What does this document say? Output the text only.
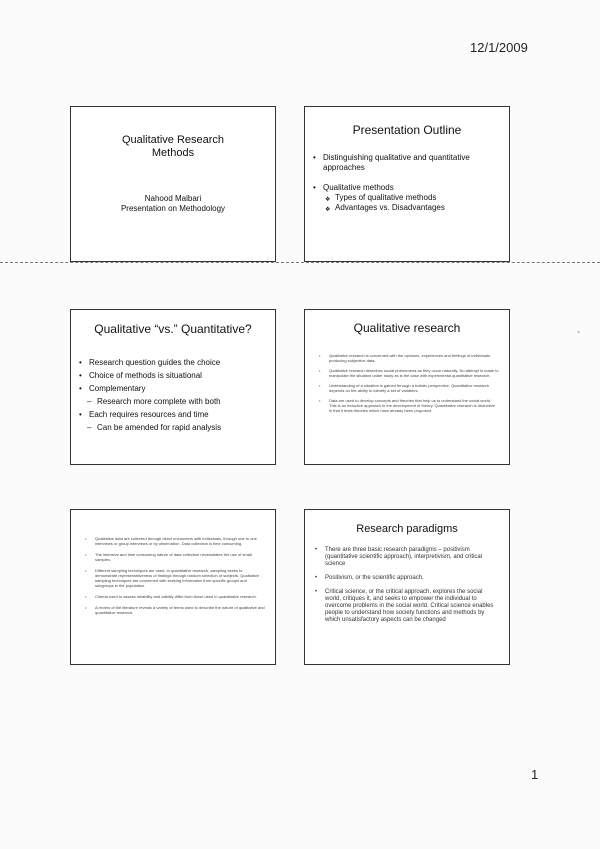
12/1/2009
Qualitative Research Methods
Nahood Malbari
Presentation on Methodology
Presentation Outline
• Distinguishing qualitative and quantitative approaches
• Qualitative methods
❖ Types of qualitative methods
❖ Advantages vs. Disadvantages
Qualitative “vs.” Quantitative?
• Research question guides the choice
• Choice of methods is situational
• Complementary
– Research more complete with both
• Each requires resources and time
– Can be amended for rapid analysis
Qualitative research
• Qualitative research is concerned with the opinions, experiences and feelings of individuals producing subjective data.
• Qualitative research describes social phenomena as they occur naturally. No attempt is made to manipulate the situation under study as is the case with experimental quantitative research.
• Understanding of a situation is gained through a holistic perspective. Quantitative research depends on the ability to identify a set of variables.
• Data are used to develop concepts and theories that help us to understand the social world. This is an inductive approach to the development of theory. Quantitative research is deductive in that it tests theories which have already been proposed.
• Qualitative data are collected through direct encounters with individuals, through one to one interviews or group interviews or by observation. Data collection is time consuming.
• The intensive and time consuming nature of data collection necessitates the use of small samples.
• Different sampling techniques are used. In quantitative research, sampling seeks to demonstrate representativeness of findings through random selection of subjects. Qualitative sampling techniques are concerned with seeking information from specific groups and subgroups in the population.
• Criteria used to assess reliability and validity differ from those used in quantitative research.
• A review of the literature reveals a variety of terms used to describe the nature of qualitative and quantitative research.
Research paradigms
• There are three basic research paradigms – positivism (quantitative scientific approach), interpretivism, and critical science
• Positivism, or the scientific approach,
• Critical science, or the critical approach, explores the social world, critiques it, and seeks to empower the individual to overcome problems in the social world. Critical science enables people to understand how society functions and methods by which unsatisfactory aspects can be changed
`
1
